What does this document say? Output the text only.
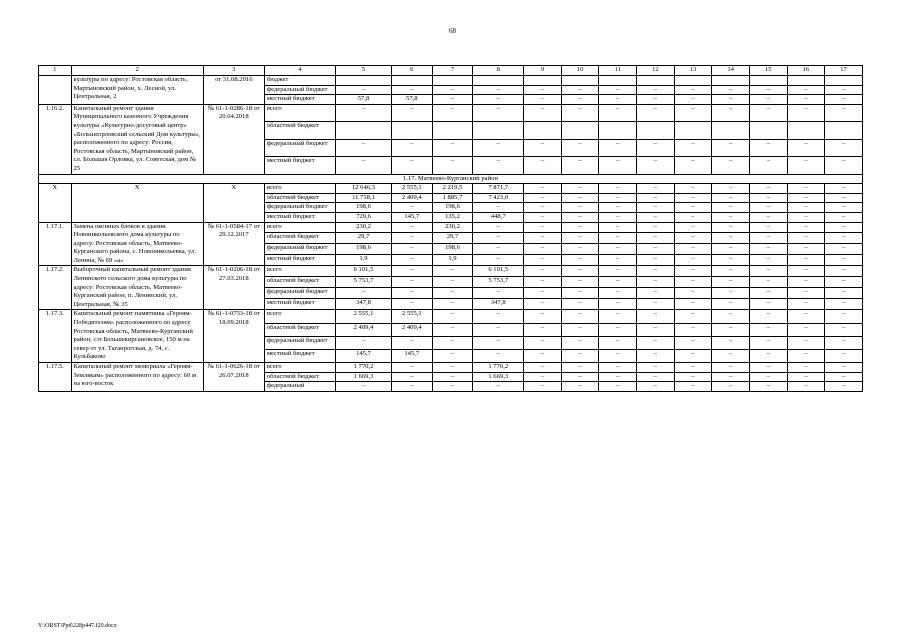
68
1	2	3	4	5	6	7	8	9	10	11	12	13	14	15	16	17
	культуры по адресу: Ростовская область, Мартыновский район, х. Лесной, ул. Центральная, 2	от 31.08.2016	бюджет													
			федеральный бюджет	–	–	–	–	–	–	–	–	–	–	–	–	–
			местный бюджет	57,8	57,8	–	–	–	–	–	–	–	–	–	–	–
1.16.2.	Капитальный ремонт здания Муниципального казенного Учреждения культуры «Культурно-досуговый центр» «Большеорловский сельский Дом культуры», расположенного по адресу: Россия, Ростовская область, Мартыновский район, сл. Большая Орловка, ул. Советская, дом № 25	№ 61-1-0286-18 от 20.04.2018	всего	–	–	–	–	–	–	–	–	–	–	–	–	–
			областной бюджет													
			федеральный бюджет	–	–	–	–	–	–	–	–	–	–	–	–	–
			местный бюджет	–	–	–	–	–	–	–	–	–	–	–	–	–
1.17. Матвеево-Курганский район																
X	X	X	всего	12 646,3	2 555,1	2 219,5	7 871,7	–	–	–	–	–	–	–	–	–
			областной бюджет	11 718,1	2 409,4	1 885,7	7 423,0	–	–	–	–	–	–	–	–	–
			федеральный бюджет	198,6	–	198,6	–	–	–	–	–	–	–	–	–	–
			местный бюджет	729,6	145,7	135,2	448,7	–	–	–	–	–	–	–	–	–
1.17.1.	Замена оконных блоков в здании Новоникольевского дома культуры по адресу: Ростовская область, Матвеево-Курганского района, с. Новоникольевка, ул. Ленина, № 69 «а»	№ 61-1-0584-17 от 29.12.2017	всего	230,2	–	230,2	–	–	–	–	–	–	–	–	–	–
			областной бюджет	29,7	–	29,7	–	–	–	–	–	–	–	–	–	–
			федеральный бюджет	198,6	–	198,6	–	–	–	–	–	–	–	–	–	–
			местный бюджет	1,9	–	1,9	–	–	–	–	–	–	–	–	–	–
1.17.2.	Выборочный капитальный ремонт здания Ленинского сельского дома культуры по адресу: Ростовская область, Матвеево-Курганский район, п. Ленинский, ул. Центральная, № 35	№ 61-1-0206-18 от 27.03.2018	всего	6 101,5	–	–	6 101,5	–	–	–	–	–	–	–	–	–
			областной бюджет	5 753,7	–	–	5 753,7	–	–	–	–	–	–	–	–	–
			федеральный бюджет	–	–	–	–	–	–	–	–	–	–	–	–	–
			местный бюджет	347,8	–	–	347,8	–	–	–	–	–	–	–	–	–
1.17.3.	Капитальный ремонт памятника «Героям-Победителям» расположенного по адресу Ростовская область, Матвеево-Курганский район, с/п Большекирсановское, 150 м на север от ул. Таганрогская, д. 74, с. Кульбаково	№ 61-1-0753-18 от 18.09.2018	всего	2 555,1	2 555,1	–	–	–	–	–	–	–	–	–	–	–
			областной бюджет	2 409,4	2 409,4	–	–	–	–	–	–	–	–	–	–	–
			федеральный бюджет	–	–	–	–	–	–	–	–	–	–	–	–	–
			местный бюджет	145,7	145,7	–	–	–	–	–	–	–	–	–	–	–
1.17.5.	Капитальный ремонт мемориала «Героям-Землякам» расположенного по адресу: 60 м на юго-восток	№ 61-1-0626-18 от 26.07.2018	всего	1 770,2	–	–	1 770,2	–	–	–	–	–	–	–	–	–
			областной бюджет	1 669,3	–	–	1 669,3	–	–	–	–	–	–	–	–	–
			федеральный	–	–	–	–	–	–	–	–	–	–	–	–	–
Y:\ORST\Ppd\228p447.f20.docx
